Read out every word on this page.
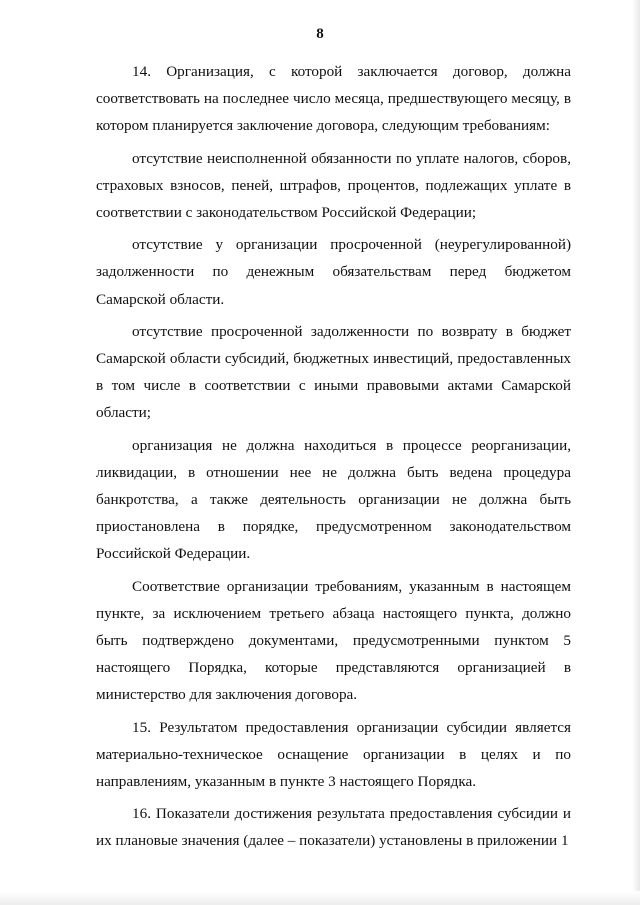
8

14. Организация, с которой заключается договор, должна соответствовать на последнее число месяца, предшествующего месяцу, в котором планируется заключение договора, следующим требованиям:

отсутствие неисполненной обязанности по уплате налогов, сборов, страховых взносов, пеней, штрафов, процентов, подлежащих уплате в соответствии с законодательством Российской Федерации;

отсутствие у организации просроченной (неурегулированной) задолженности по денежным обязательствам перед бюджетом Самарской области.

отсутствие просроченной задолженности по возврату в бюджет Самарской области субсидий, бюджетных инвестиций, предоставленных в том числе в соответствии с иными правовыми актами Самарской области;

организация не должна находиться в процессе реорганизации, ликвидации, в отношении нее не должна быть ведена процедура банкротства, а также деятельность организации не должна быть приостановлена в порядке, предусмотренном законодательством Российской Федерации.

Соответствие организации требованиям, указанным в настоящем пункте, за исключением третьего абзаца настоящего пункта, должно быть подтверждено документами, предусмотренными пунктом 5 настоящего Порядка, которые представляются организацией в министерство для заключения договора.

15. Результатом предоставления организации субсидии является материально-техническое оснащение организации в целях и по направлениям, указанным в пункте 3 настоящего Порядка.

16. Показатели достижения результата предоставления субсидии и их плановые значения (далее – показатели) установлены в приложении 1
